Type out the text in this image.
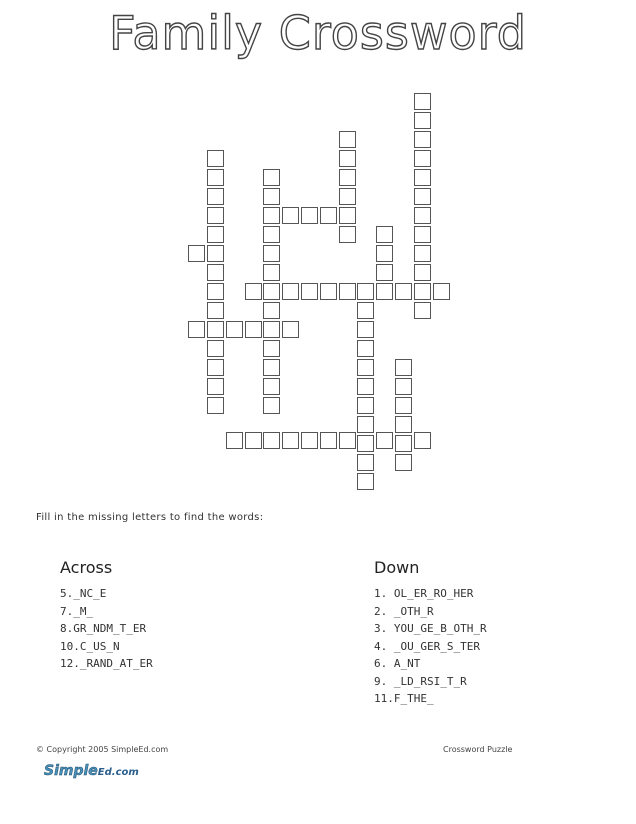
Family Crossword
Fill in the missing letters to find the words:
Across
5._NC_E
7._M_
8.GR_NDM_T_ER
10.C_US_N
12._RAND_AT_ER
Down
1. OL_ER_RO_HER
2. _OTH_R
3. YOU_GE_B_OTH_R
4. _OU_GER_S_TER
6. A_NT
9. _LD_RSI_T_R
11.F_THE_
© Copyright 2005 SimpleEd.com	Crossword Puzzle
SimpleEd.com
